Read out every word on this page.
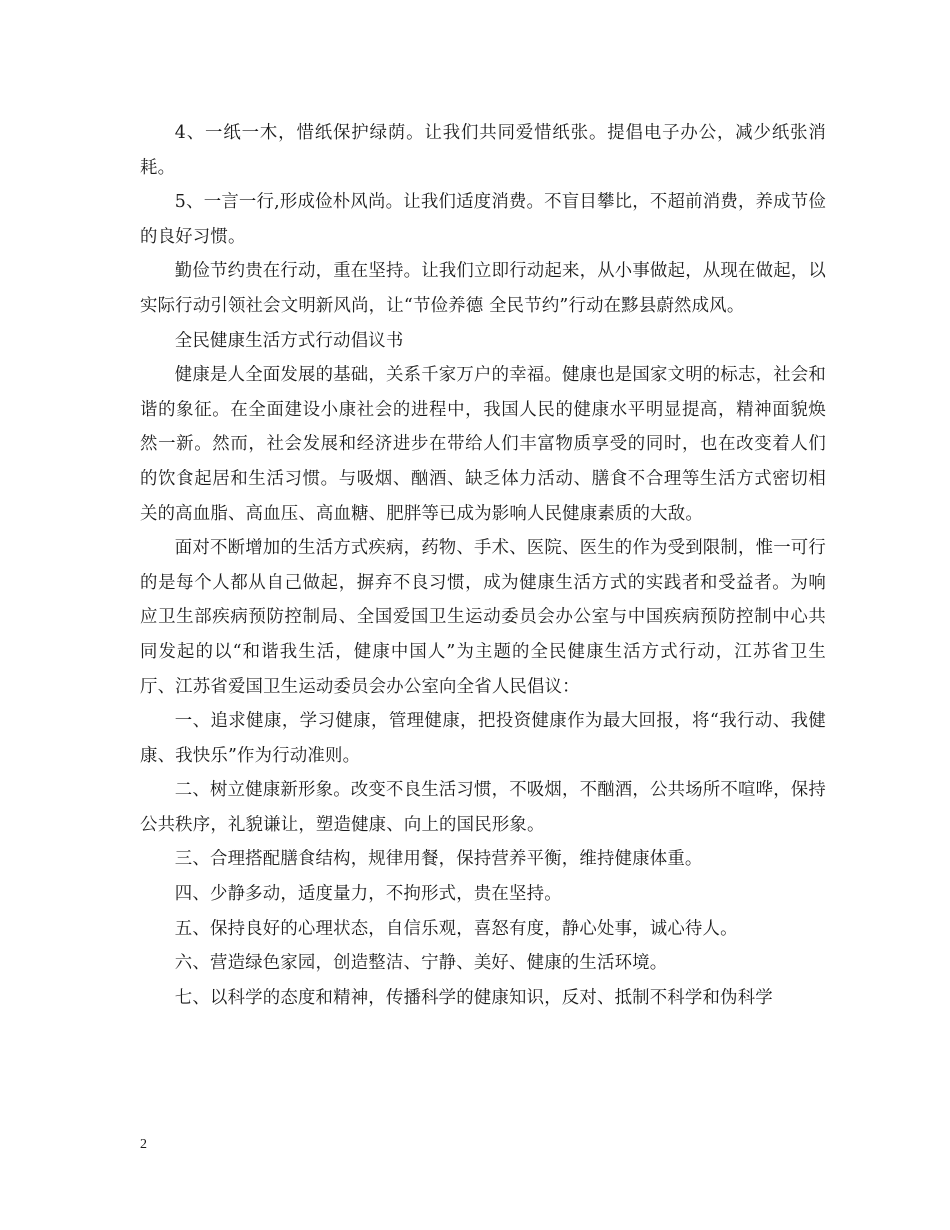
4、一纸一木，惜纸保护绿荫。让我们共同爱惜纸张。提倡电子办公，减少纸张消耗。

5、一言一行,形成俭朴风尚。让我们适度消费。不盲目攀比，不超前消费，养成节俭的良好习惯。

勤俭节约贵在行动，重在坚持。让我们立即行动起来，从小事做起，从现在做起，以实际行动引领社会文明新风尚，让“节俭养德 全民节约”行动在黟县蔚然成风。

全民健康生活方式行动倡议书

健康是人全面发展的基础，关系千家万户的幸福。健康也是国家文明的标志，社会和谐的象征。在全面建设小康社会的进程中，我国人民的健康水平明显提高，精神面貌焕然一新。然而，社会发展和经济进步在带给人们丰富物质享受的同时，也在改变着人们的饮食起居和生活习惯。与吸烟、酗酒、缺乏体力活动、膳食不合理等生活方式密切相关的高血脂、高血压、高血糖、肥胖等已成为影响人民健康素质的大敌。

面对不断增加的生活方式疾病，药物、手术、医院、医生的作为受到限制，惟一可行的是每个人都从自己做起，摒弃不良习惯，成为健康生活方式的实践者和受益者。为响应卫生部疾病预防控制局、全国爱国卫生运动委员会办公室与中国疾病预防控制中心共同发起的以“和谐我生活，健康中国人”为主题的全民健康生活方式行动，江苏省卫生厅、江苏省爱国卫生运动委员会办公室向全省人民倡议：

一、追求健康，学习健康，管理健康，把投资健康作为最大回报，将“我行动、我健康、我快乐”作为行动准则。

二、树立健康新形象。改变不良生活习惯，不吸烟，不酗酒，公共场所不喧哗，保持公共秩序，礼貌谦让，塑造健康、向上的国民形象。

三、合理搭配膳食结构，规律用餐，保持营养平衡，维持健康体重。

四、少静多动，适度量力，不拘形式，贵在坚持。

五、保持良好的心理状态，自信乐观，喜怒有度，静心处事，诚心待人。

六、营造绿色家园，创造整洁、宁静、美好、健康的生活环境。

七、以科学的态度和精神，传播科学的健康知识，反对、抵制不科学和伪科学

2
